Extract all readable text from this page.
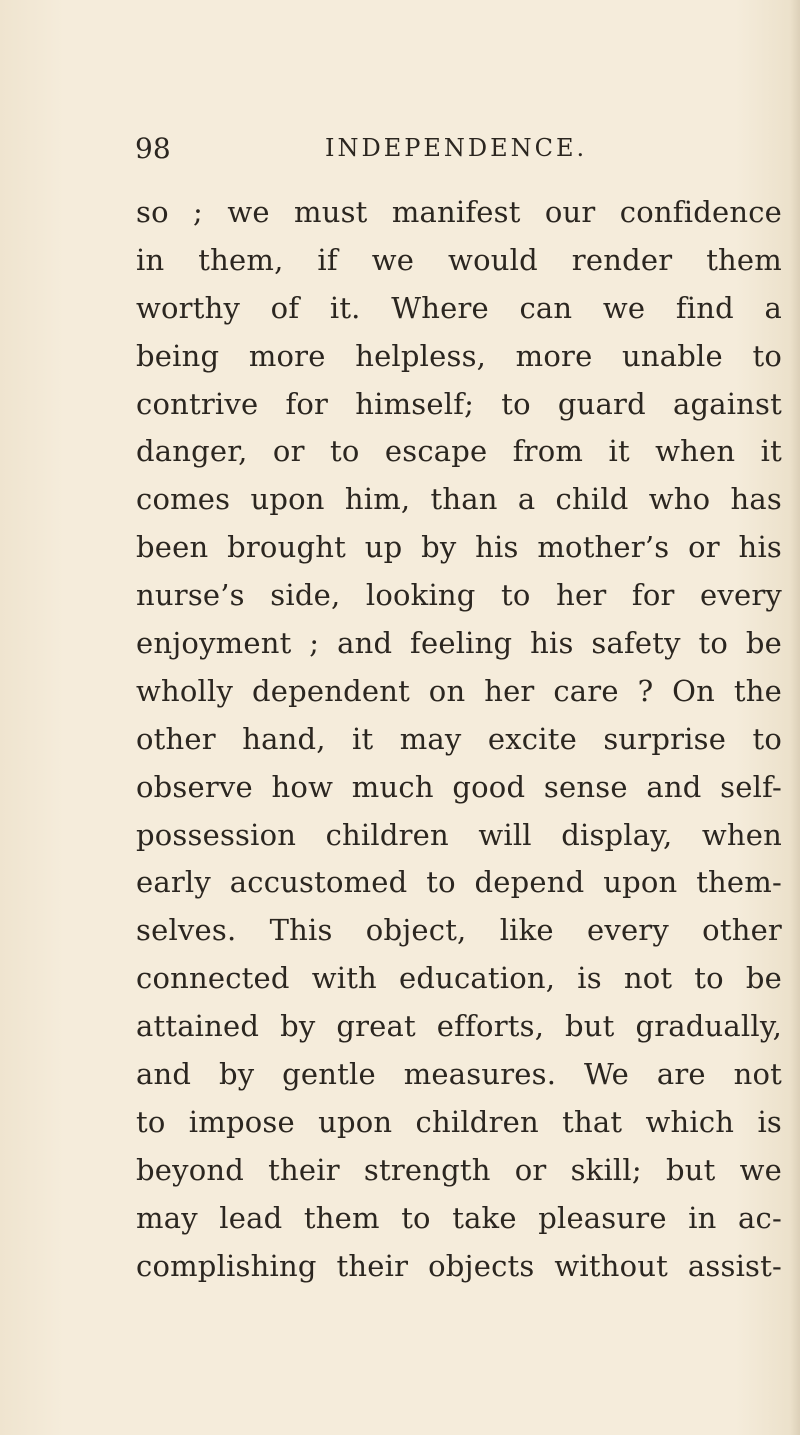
98	INDEPENDENCE.
so ; we must manifest our confidence
in them, if we would render them
worthy of it. Where can we find a
being more helpless, more unable to
contrive for himself; to guard against
danger, or to escape from it when it
comes upon him, than a child who has
been brought up by his mother’s or his
nurse’s side, looking to her for every
enjoyment ; and feeling his safety to be
wholly dependent on her care ? On the
other hand, it may excite surprise to
observe how much good sense and self-
possession children will display, when
early accustomed to depend upon them-
selves. This object, like every other
connected with education, is not to be
attained by great efforts, but gradually,
and by gentle measures. We are not
to impose upon children that which is
beyond their strength or skill; but we
may lead them to take pleasure in ac-
complishing their objects without assist-
